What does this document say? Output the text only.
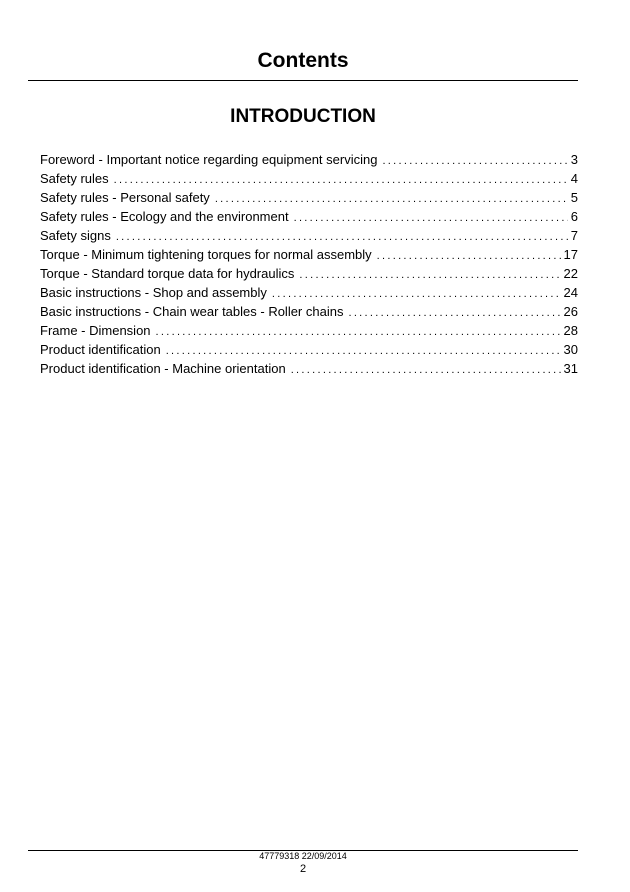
Contents
INTRODUCTION
Foreword - Important notice regarding equipment servicing .....	3
Safety rules .....	4
Safety rules - Personal safety .....	5
Safety rules - Ecology and the environment .....	6
Safety signs .....	7
Torque - Minimum tightening torques for normal assembly .....	17
Torque - Standard torque data for hydraulics .....	22
Basic instructions - Shop and assembly .....	24
Basic instructions - Chain wear tables - Roller chains .....	26
Frame - Dimension .....	28
Product identification .....	30
Product identification - Machine orientation .....	31
47779318 22/09/2014
2
